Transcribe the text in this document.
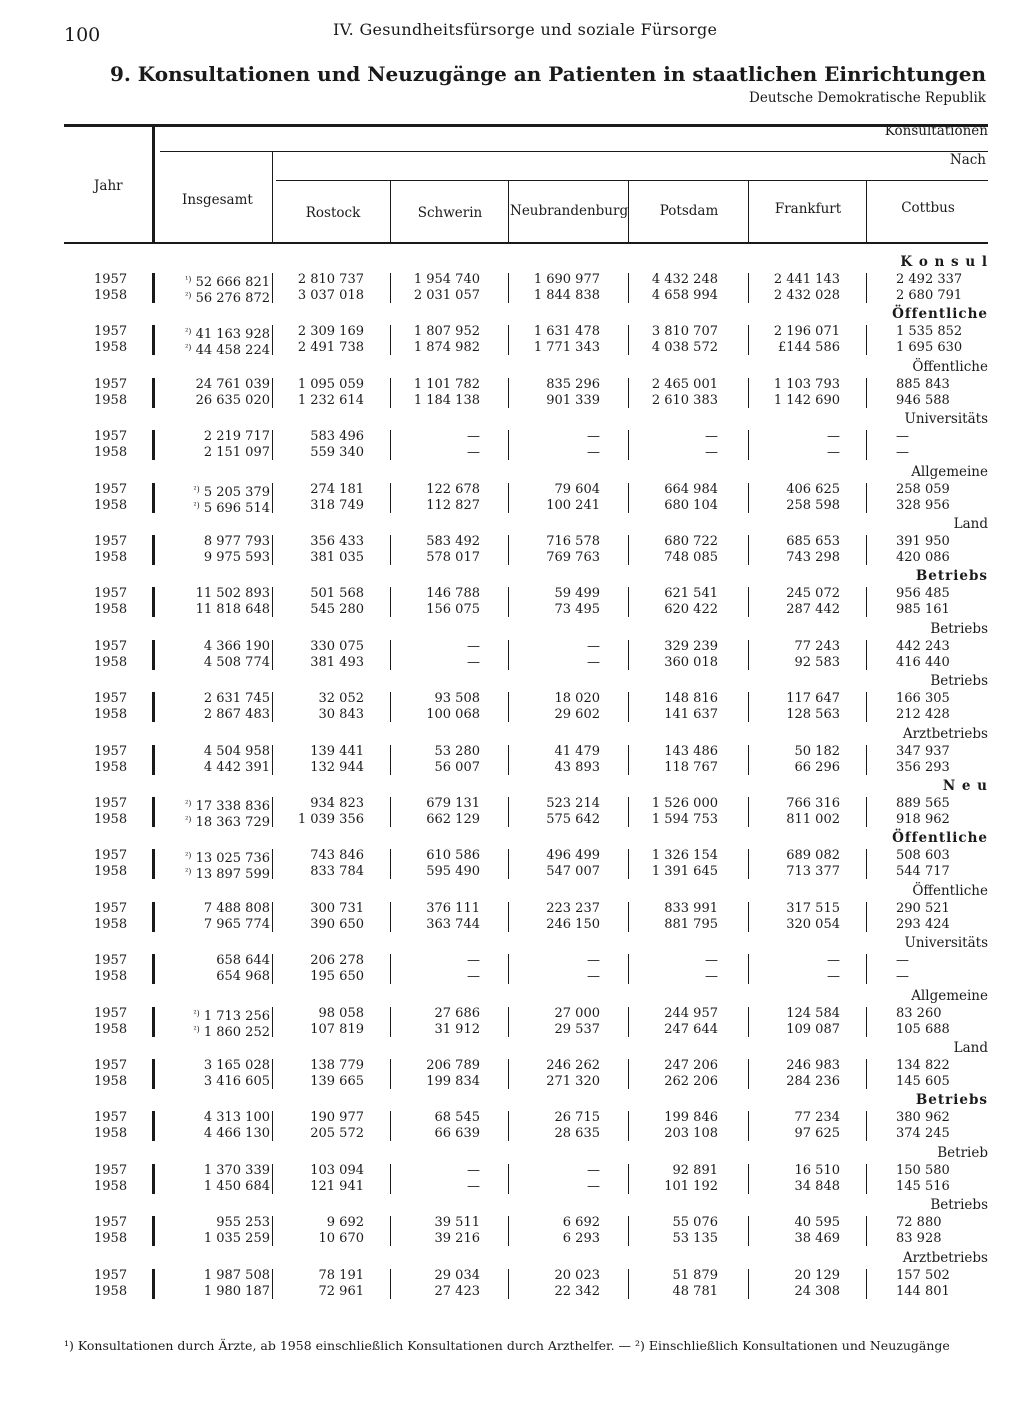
100	IV. Gesundheitsfürsorge und soziale Fürsorge
9. Konsultationen und Neuzugänge an Patienten in staatlichen Einrichtungen
Deutsche Demokratische Republik
Jahr
Insgesamt
Konsultationen
Nach
Rostock	Schwerin	Neubrandenburg	Potsdam	Frankfurt	Cottbus
K o n s u l
1957	$^{^1)}$ 52 666 821	2 810 737	1 954 740	1 690 977	4 432 248	2 441 143	2 492 337
1958	$^{^2)}$ 56 276 872	3 037 018	2 031 057	1 844 838	4 658 994	2 432 028	2 680 791
Öffentliche
1957	$^{^2)}$ 41 163 928	2 309 169	1 807 952	1 631 478	3 810 707	2 196 071	1 535 852
1958	$^{^2)}$ 44 458 224	2 491 738	1 874 982	1 771 343	4 038 572	£144 586	1 695 630
Öffentliche
1957	24 761 039	1 095 059	1 101 782	835 296	2 465 001	1 103 793	885 843
1958	26 635 020	1 232 614	1 184 138	901 339	2 610 383	1 142 690	946 588
Universitäts
1957	2 219 717	583 496	—	—	—	—	—
1958	2 151 097	559 340	—	—	—	—	—
Allgemeine
1957	$^{^2)}$ 5 205 379	274 181	122 678	79 604	664 984	406 625	258 059
1958	$^{^2)}$ 5 696 514	318 749	112 827	100 241	680 104	258 598	328 956
Land
1957	8 977 793	356 433	583 492	716 578	680 722	685 653	391 950
1958	9 975 593	381 035	578 017	769 763	748 085	743 298	420 086
Betriebs
1957	11 502 893	501 568	146 788	59 499	621 541	245 072	956 485
1958	11 818 648	545 280	156 075	73 495	620 422	287 442	985 161
Betriebs
1957	4 366 190	330 075	—	—	329 239	77 243	442 243
1958	4 508 774	381 493	—	—	360 018	92 583	416 440
Betriebs
1957	2 631 745	32 052	93 508	18 020	148 816	117 647	166 305
1958	2 867 483	30 843	100 068	29 602	141 637	128 563	212 428
Arztbetriebs
1957	4 504 958	139 441	53 280	41 479	143 486	50 182	347 937
1958	4 442 391	132 944	56 007	43 893	118 767	66 296	356 293
N e u
1957	$^{^2)}$ 17 338 836	934 823	679 131	523 214	1 526 000	766 316	889 565
1958	$^{^2)}$ 18 363 729	1 039 356	662 129	575 642	1 594 753	811 002	918 962
Öffentliche
1957	$^{^2)}$ 13 025 736	743 846	610 586	496 499	1 326 154	689 082	508 603
1958	$^{^2)}$ 13 897 599	833 784	595 490	547 007	1 391 645	713 377	544 717
Öffentliche
1957	7 488 808	300 731	376 111	223 237	833 991	317 515	290 521
1958	7 965 774	390 650	363 744	246 150	881 795	320 054	293 424
Universitäts
1957	658 644	206 278	—	—	—	—	—
1958	654 968	195 650	—	—	—	—	—
Allgemeine
1957	$^{^2)}$ 1 713 256	98 058	27 686	27 000	244 957	124 584	83 260
1958	$^{^2)}$ 1 860 252	107 819	31 912	29 537	247 644	109 087	105 688
Land
1957	3 165 028	138 779	206 789	246 262	247 206	246 983	134 822
1958	3 416 605	139 665	199 834	271 320	262 206	284 236	145 605
Betriebs
1957	4 313 100	190 977	68 545	26 715	199 846	77 234	380 962
1958	4 466 130	205 572	66 639	28 635	203 108	97 625	374 245
Betrieb
1957	1 370 339	103 094	—	—	92 891	16 510	150 580
1958	1 450 684	121 941	—	—	101 192	34 848	145 516
Betriebs
1957	955 253	9 692	39 511	6 692	55 076	40 595	72 880
1958	1 035 259	10 670	39 216	6 293	53 135	38 469	83 928
Arztbetriebs
1957	1 987 508	78 191	29 034	20 023	51 879	20 129	157 502
1958	1 980 187	72 961	27 423	22 342	48 781	24 308	144 801
¹) Konsultationen durch Ärzte, ab 1958 einschließlich Konsultationen durch Arzthelfer. — ²) Einschließlich Konsultationen und Neuzugänge
